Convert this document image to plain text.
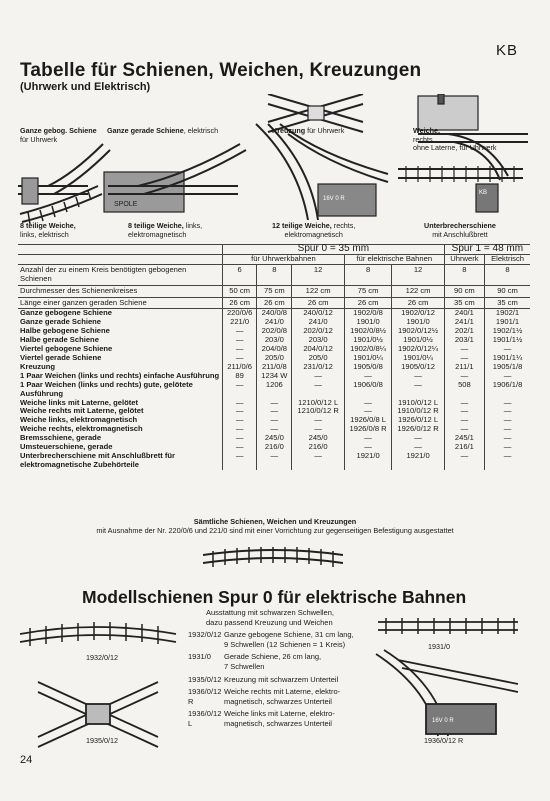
KB
Tabelle für Schienen, Weichen, Kreuzungen
(Uhrwerk und Elektrisch)
SPOLE
16V 0 R
KB
Ganze gebog. Schiene
für Uhrwerk
Ganze gerade Schiene, elektrisch	Kreuzung für Uhrwerk	Weiche,
rechts,
ohne Laterne, für Uhrwerk
8 teilige Weiche,
links, elektrisch
8 teilige Weiche, links,
elektromagnetisch
12 teilige Weiche, rechts,
elektromagnetisch
Unterbrecherschiene
mit Anschlußbrett
	Spur 0 = 35 mm					Spur 1 = 48 mm	
	für Uhrwerkbahnen			für elektrische Bahnen		Uhrwerk	Elektrisch
Anzahl der zu einem Kreis benötigten gebogenen Schienen	6	8	12	8	12	8	8
Durchmesser des Schienenkreises	50 cm	75 cm	122 cm	75 cm	122 cm	90 cm	90 cm
Länge einer ganzen geraden Schiene	26 cm	26 cm	26 cm	26 cm	26 cm	35 cm	35 cm
Ganze gebogene Schiene	220/0/6	240/0/8	240/0/12	1902/0/8	1902/0/12	240/1	1902/1
Ganze gerade Schiene	221/0	241/0	241/0	1901/0	1901/0	241/1	1901/1
Halbe gebogene Schiene	—	202/0/8	202/0/12	1902/0/8½	1902/0/12½	202/1	1902/1½
Halbe gerade Schiene	—	203/0	203/0	1901/0½	1901/0½	203/1	1901/1½
Viertel gebogene Schiene	—	204/0/8	204/0/12	1902/0/8¼	1902/0/12¼	—	—
Viertel gerade Schiene	—	205/0	205/0	1901/0¼	1901/0¼	—	1901/1¼
Kreuzung	211/0/6	211/0/8	231/0/12	1905/0/8	1905/0/12	211/1	1905/1/8
1 Paar Weichen (links und rechts) einfache Ausführung	89	1234 W	—	—	—	—	—
1 Paar Weichen (links und rechts) gute, gelötete Ausführung	—	1206	—	1906/0/8	—	508	1906/1/8
Weiche links mit Laterne, gelötet	—	—	1210/0/12 L	—	1910/0/12 L	—	—
Weiche rechts mit Laterne, gelötet	—	—	1210/0/12 R	—	1910/0/12 R	—	—
Weiche links, elektromagnetisch	—	—	—	1926/0/8 L	1926/0/12 L	—	—
Weiche rechts, elektromagnetisch	—	—	—	1926/0/8 R	1926/0/12 R	—	—
Bremsschiene, gerade	—	245/0	245/0	—	—	245/1	—
Umsteuerschiene, gerade	—	216/0	216/0	—	—	216/1	—
Unterbrecherschiene mit Anschlußbrett für elektromagnetische Zubehörteile	—	—	—	1921/0	1921/0	—	—
Sämtliche Schienen, Weichen und Kreuzungen
mit Ausnahme der Nr. 220/0/6 und 221/0 sind mit einer Vorrichtung zur gegenseitigen Befestigung ausgestattet
Modellschienen Spur 0 für elektrische Bahnen
Ausstattung mit schwarzen Schwellen,
dazu passend Kreuzung und Weichen
1932/0/12 Ganze gebogene Schiene, 31 cm lang,
9 Schwellen (12 Schienen = 1 Kreis)
1931/0	Gerade Schiene, 26 cm lang,
7 Schwellen
1935/0/12 Kreuzung mit schwarzem Unterteil
1936/0/12 R
Weiche rechts mit Laterne, elektro-
magnetisch, schwarzes Unterteil
1936/0/12 L
Weiche links mit Laterne, elektro-
magnetisch, schwarzes Unterteil
1932/0/12
1935/0/12
16V 0 R
1931/0
1936/0/12 R
24
